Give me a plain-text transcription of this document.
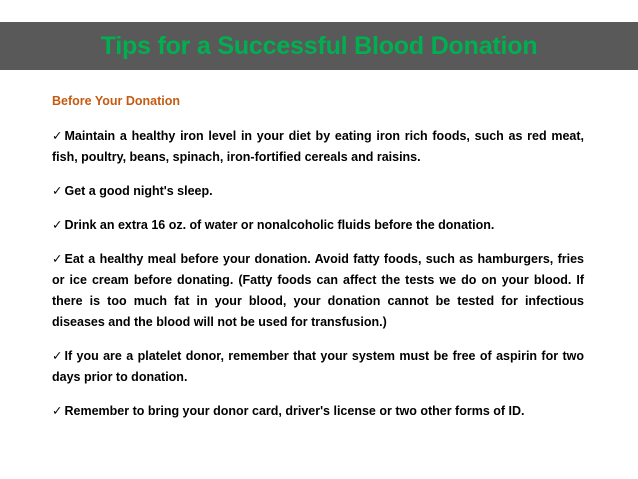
Tips for a Successful Blood Donation
Before Your Donation
✓ Maintain a healthy iron level in your diet by eating iron rich foods, such as red meat, fish, poultry, beans, spinach, iron-fortified cereals and raisins.
✓ Get a good night's sleep.
✓ Drink an extra 16 oz. of water or nonalcoholic fluids before the donation.
✓ Eat a healthy meal before your donation. Avoid fatty foods, such as hamburgers, fries or ice cream before donating. (Fatty foods can affect the tests we do on your blood. If there is too much fat in your blood, your donation cannot be tested for infectious diseases and the blood will not be used for transfusion.)
✓ If you are a platelet donor, remember that your system must be free of aspirin for two days prior to donation.
✓ Remember to bring your donor card, driver's license or two other forms of ID.
